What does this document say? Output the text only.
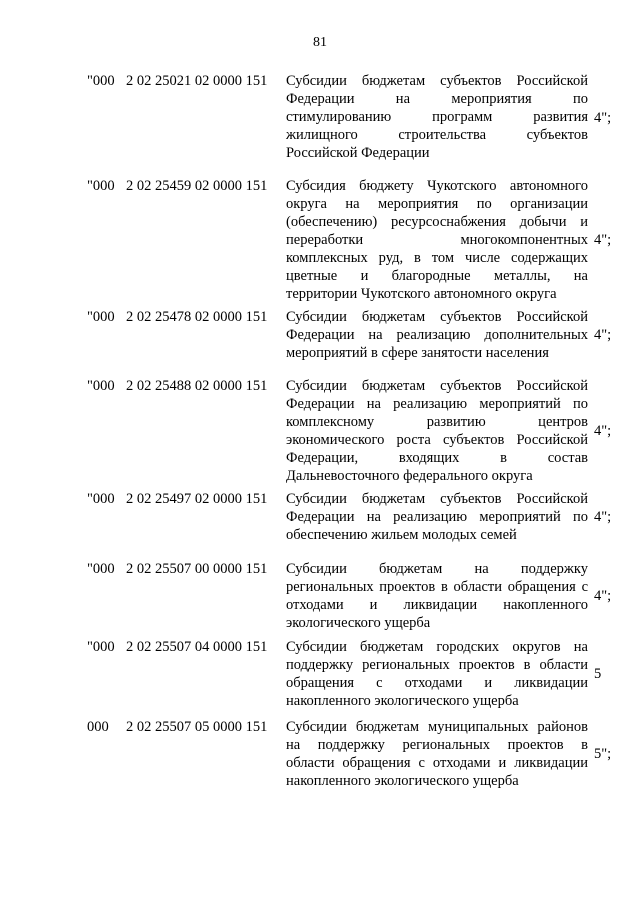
81
"000 2 02 25021 02 0000 151 Субсидии бюджетам субъектов Российской
Федерации на мероприятия по
стимулированию программ развития
жилищного строительства субъектов
Российской Федерации
4";
"000 2 02 25459 02 0000 151 Субсидия бюджету Чукотского автономного
округа на мероприятия по организации
(обеспечению) ресурсоснабжения добычи и
переработки многокомпонентных
комплексных руд, в том числе содержащих
цветные и благородные металлы, на
территории Чукотского автономного округа
4";
"000 2 02 25478 02 0000 151 Субсидии бюджетам субъектов Российской
Федерации на реализацию дополнительных
мероприятий в сфере занятости населения
4";
"000 2 02 25488 02 0000 151 Субсидии бюджетам субъектов Российской
Федерации на реализацию мероприятий по
комплексному развитию центров
экономического роста субъектов Российской
Федерации, входящих в состав
Дальневосточного федерального округа
4";
"000 2 02 25497 02 0000 151 Субсидии бюджетам субъектов Российской
Федерации на реализацию мероприятий по
обеспечению жильем молодых семей
4";
"000 2 02 25507 00 0000 151 Субсидии бюджетам на поддержку
региональных проектов в области обращения с
отходами и ликвидации накопленного
экологического ущерба
4";
"000 2 02 25507 04 0000 151 Субсидии бюджетам городских округов на
поддержку региональных проектов в области
обращения с отходами и ликвидации
накопленного экологического ущерба
5
000 2 02 25507 05 0000 151 Субсидии бюджетам муниципальных районов
на поддержку региональных проектов в
области обращения с отходами и ликвидации
накопленного экологического ущерба
5";
